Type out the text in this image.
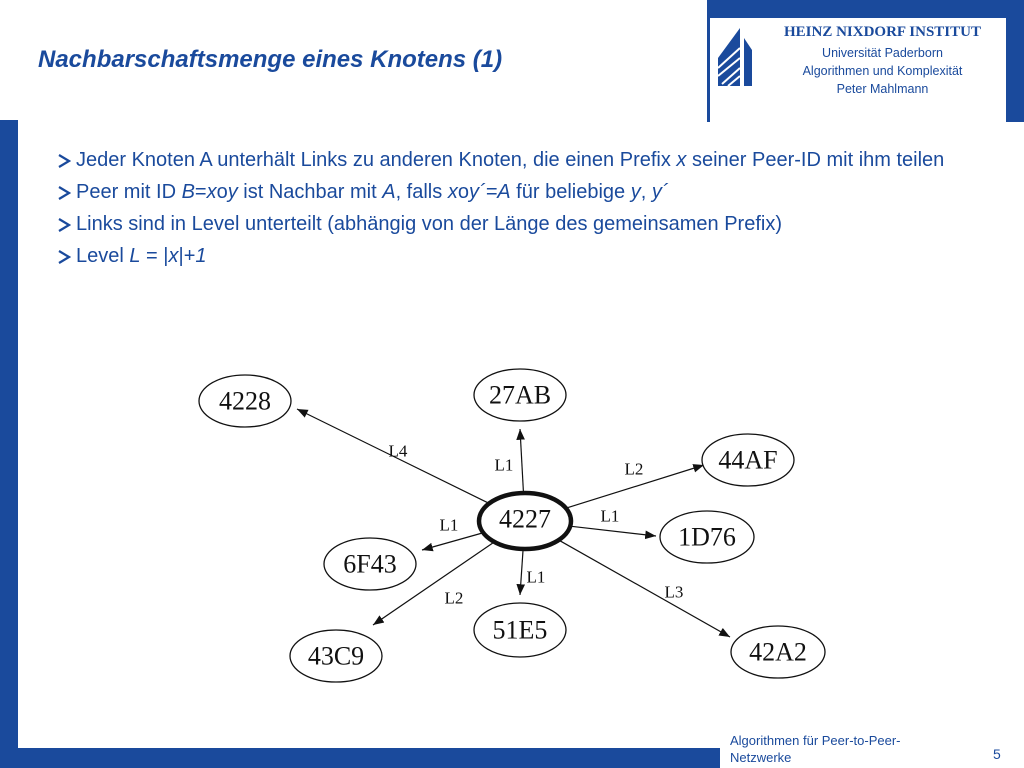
HEINZ NIXDORF INSTITUT
Universität Paderborn
Algorithmen und Komplexität
Peter Mahlmann
Nachbarschaftsmenge eines Knotens (1)
Jeder Knoten A unterhält Links zu anderen Knoten, die einen Prefix x seiner Peer-ID mit ihm teilen
Peer mit ID B=xoy ist Nachbar mit A, falls xoy´=A für beliebige y, y´
Links sind in Level unterteilt (abhängig von der Länge des gemeinsamen Prefix)
Level L = |x|+1
L4
L1	L2
L1
L1
L1
L2	L3
4228	27AB
44AF
1D76
6F43
51E5
43C9	42A2
4227
Algorithmen für Peer-to-Peer-Netzwerke	5
